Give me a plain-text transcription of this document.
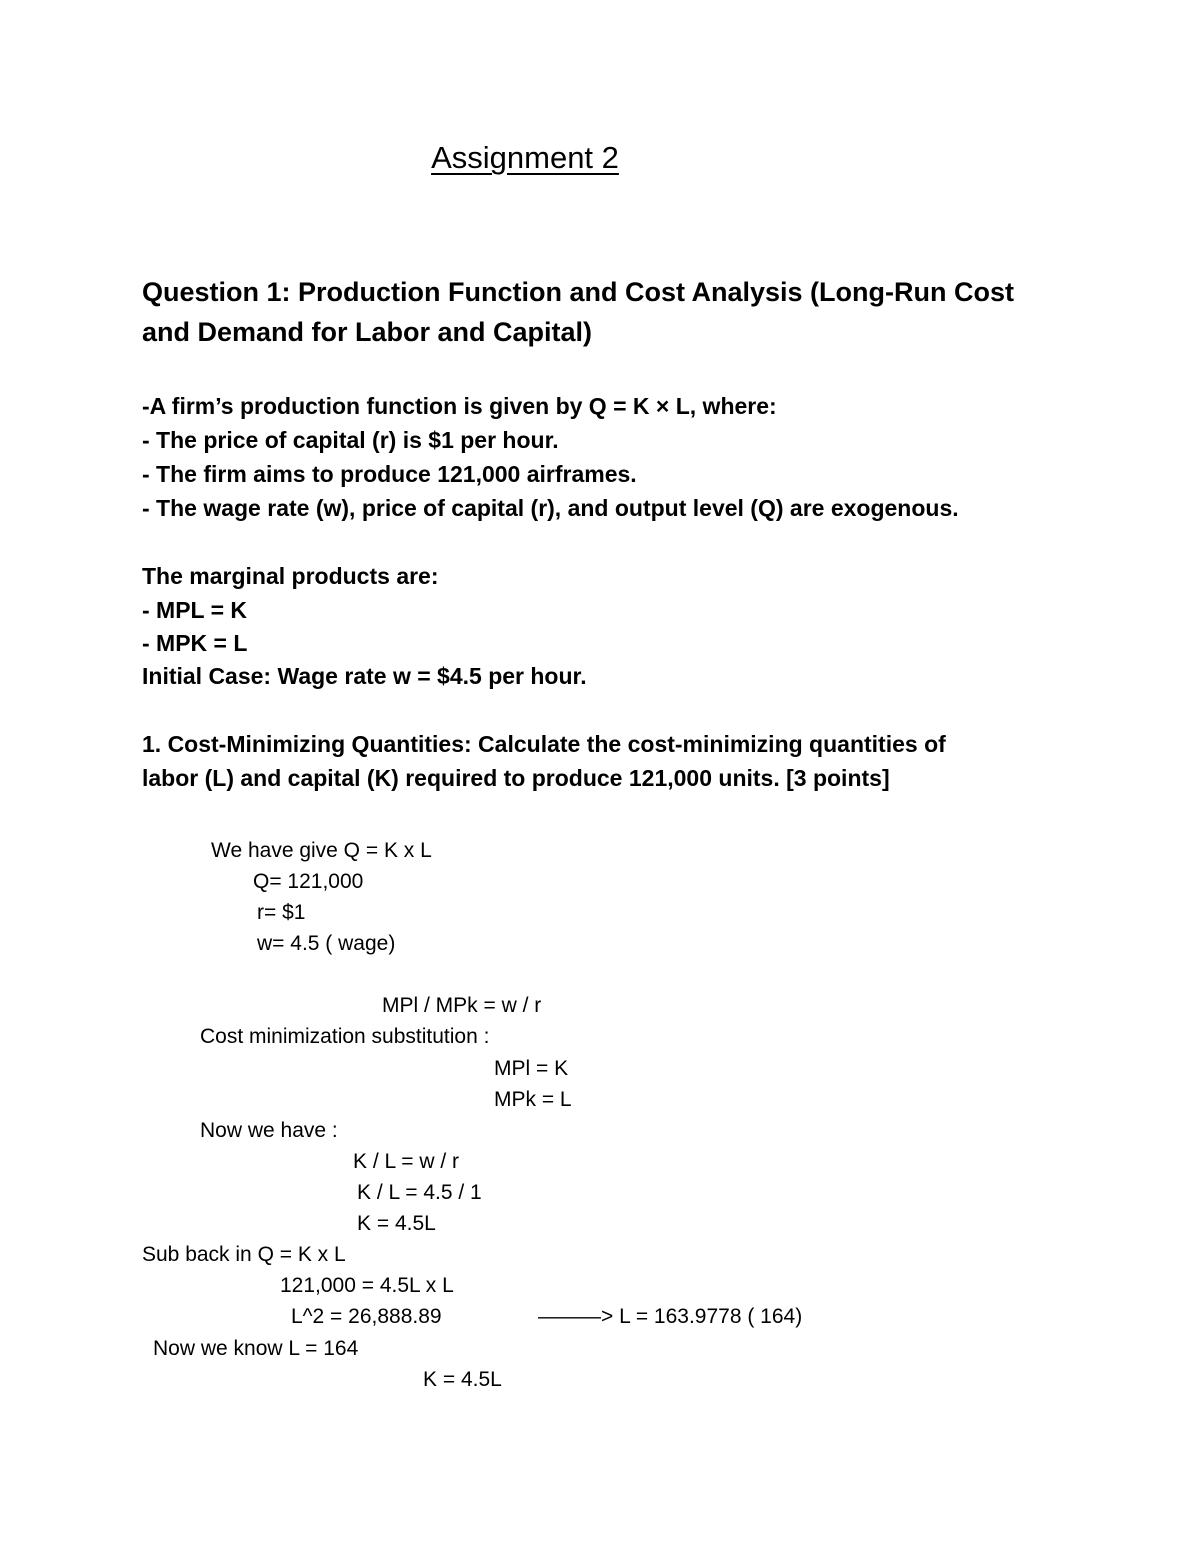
Assignment 2
Question 1: Production Function and Cost Analysis (Long-Run Cost and Demand for Labor and Capital)
-A firm’s production function is given by Q = K × L, where:
- The price of capital (r) is $1 per hour.
- The firm aims to produce 121,000 airframes.
- The wage rate (w), price of capital (r), and output level (Q) are exogenous.
The marginal products are:
- MPL = K
- MPK = L
Initial Case: Wage rate w = $4.5 per hour.
1. Cost-Minimizing Quantities: Calculate the cost-minimizing quantities of
labor (L) and capital (K) required to produce 121,000 units. [3 points]
We have give Q = K x L
Q= 121,000
r= $1
w= 4.5 ( wage)
MPl / MPk = w / r
Cost minimization substitution :
MPl = K
MPk = L
Now we have :
K / L = w / r
K / L = 4.5 / 1
K = 4.5L
Sub back in Q = K x L
121,000 = 4.5L x L
L^2 = 26,888.89	———> L = 163.9778 ( 164)
Now we know L = 164
K = 4.5L
